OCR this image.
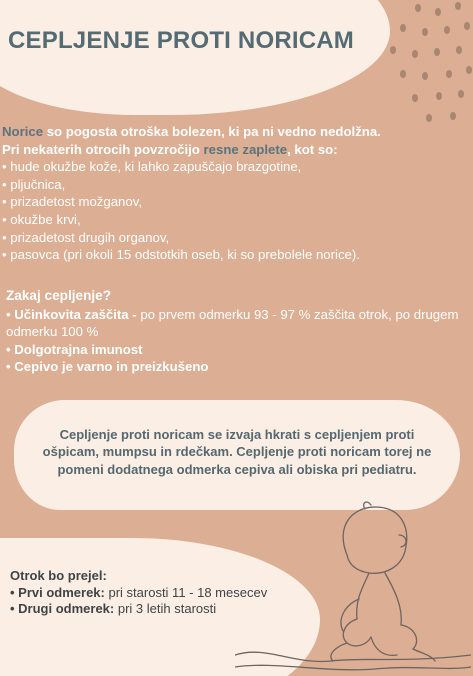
CEPLJENJE PROTI NORICAM

Norice so pogosta otroška bolezen, ki pa ni vedno nedolžna.

Pri nekaterih otrocih povzročijo resne zaplete, kot so:

• hude okužbe kože, ki lahko zapuščajo brazgotine,
• pljučnica,
• prizadetost možganov,
• okužbe krvi,
• prizadetost drugih organov,
• pasovca (pri okoli 15 odstotkih oseb, ki so prebolele norice).
Zakaj cepljenje?
• Učinkovita zaščita - po prvem odmerku 93 - 97 % zaščita otrok, po drugem odmerku 100 %
• Dolgotrajna imunost
• Cepivo je varno in preizkušeno

Cepljenje proti noricam se izvaja hkrati s cepljenjem proti ošpicam, mumpsu in rdečkam. Cepljenje proti noricam torej ne pomeni dodatnega odmerka cepiva ali obiska pri pediatru.

Otrok bo prejel:

• Prvi odmerek: pri starosti 11 - 18 mesecev

• Drugi odmerek: pri 3 letih starosti
